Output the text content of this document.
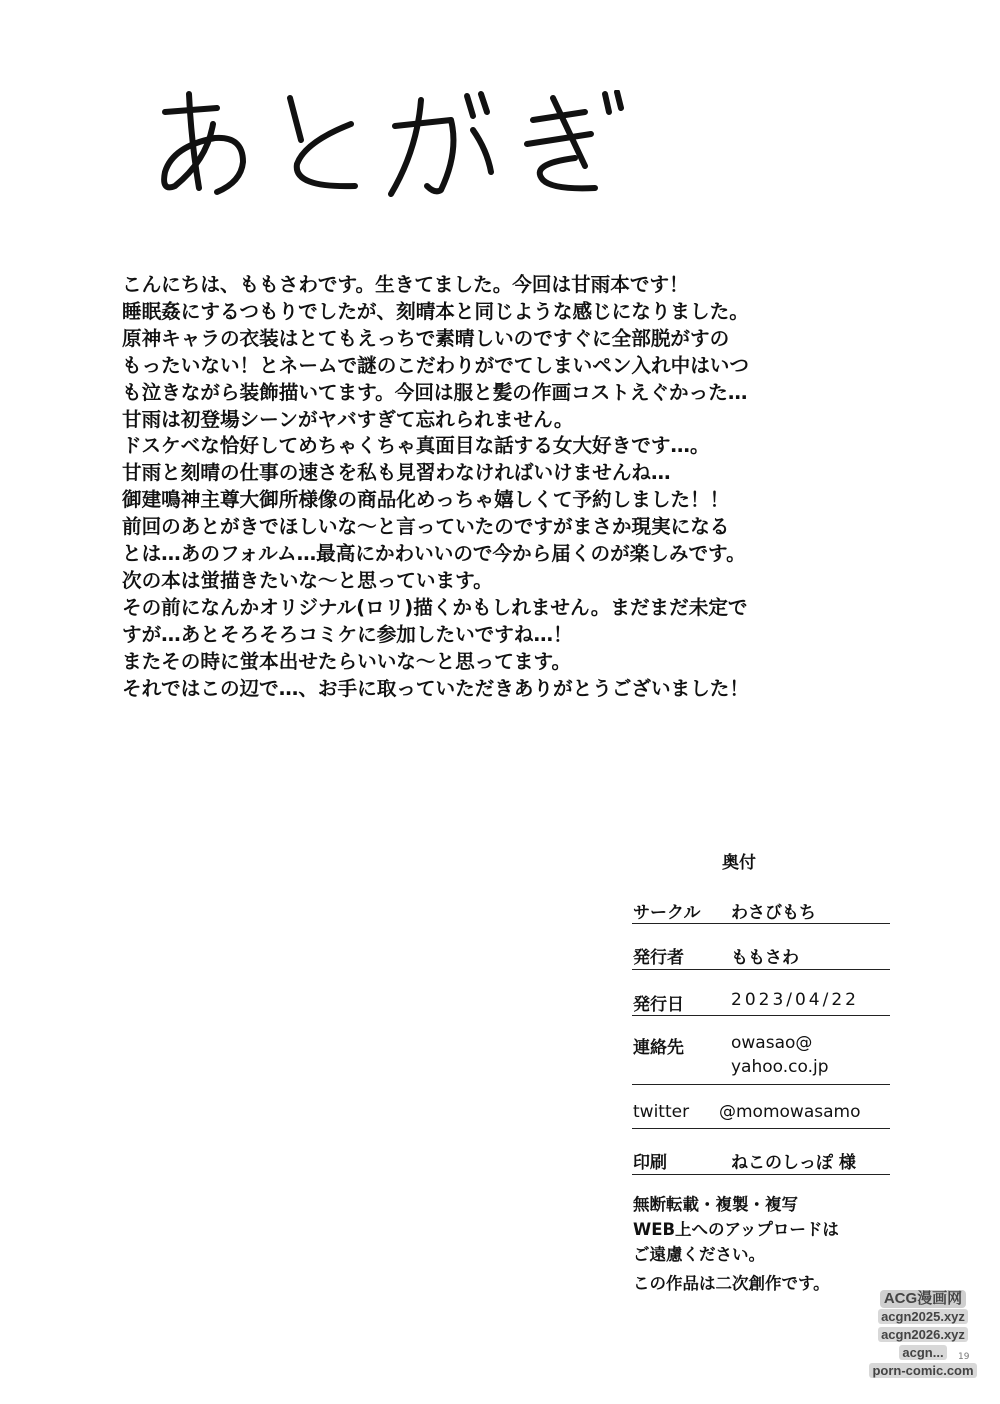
こんにちは、ももさわです。生きてました。今回は甘雨本です！
睡眠姦にするつもりでしたが、刻晴本と同じような感じになりました。
原神キャラの衣装はとてもえっちで素晴しいのですぐに全部脱がすの
もったいない！とネームで謎のこだわりがでてしまいペン入れ中はいつ
も泣きながら装飾描いてます。今回は服と髪の作画コストえぐかった…
甘雨は初登場シーンがヤバすぎて忘れられません。
ドスケベな恰好してめちゃくちゃ真面目な話する女大好きです…。
甘雨と刻晴の仕事の速さを私も見習わなければいけませんね…
御建鳴神主尊大御所様像の商品化めっちゃ嬉しくて予約しました！！
前回のあとがきでほしいな～と言っていたのですがまさか現実になる
とは…あのフォルム…最高にかわいいので今から届くのが楽しみです。
次の本は蛍描きたいな～と思っています。
その前になんかオリジナル(ロリ)描くかもしれません。まだまだ未定で
すが…あとそろそろコミケに参加したいですね…！
またその時に蛍本出せたらいいな～と思ってます。
それではこの辺で…、お手に取っていただきありがとうございました！
奥付
サークル わさびもち
発行者	ももさわ
発行日	2023/04/22
連絡先	owasao@
yahoo.co.jp
twitter @momowasamo
印刷	ねこのしっぽ 様
無断転載・複製・複写
WEB上へのアップロードは
ご遠慮ください。
この作品は二次創作です。
ACG漫画网
acgn2025.xyz
acgn2026.xyz
acgn...
porn-comic.com
19
